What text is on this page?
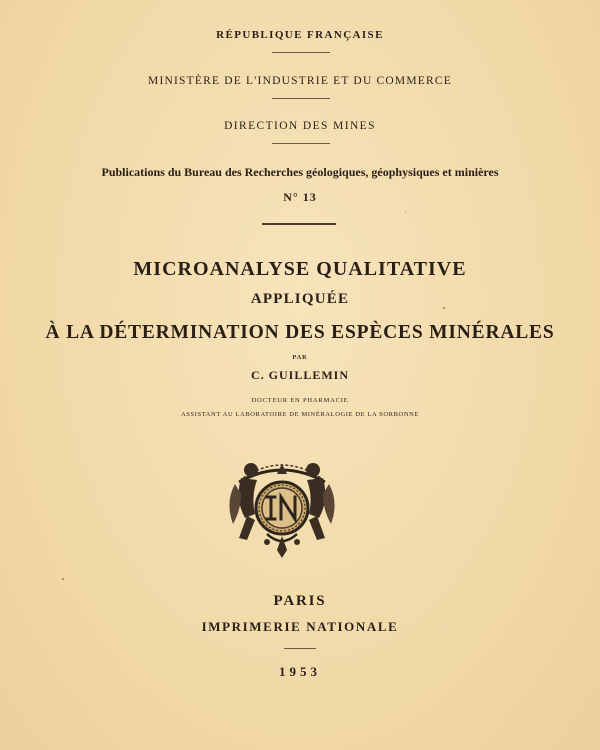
RÉPUBLIQUE FRANÇAISE
MINISTÈRE DE L'INDUSTRIE ET DU COMMERCE
DIRECTION DES MINES
Publications du Bureau des Recherches géologiques, géophysiques et minières
N° 13
MICROANALYSE QUALITATIVE
APPLIQUÉE
À LA DÉTERMINATION DES ESPÈCES MINÉRALES
PAR
C. GUILLEMIN
DOCTEUR EN PHARMACIE
ASSISTANT AU LABORATOIRE DE MINÉRALOGIE DE LA SORBONNE
PARIS
IMPRIMERIE NATIONALE
1953
